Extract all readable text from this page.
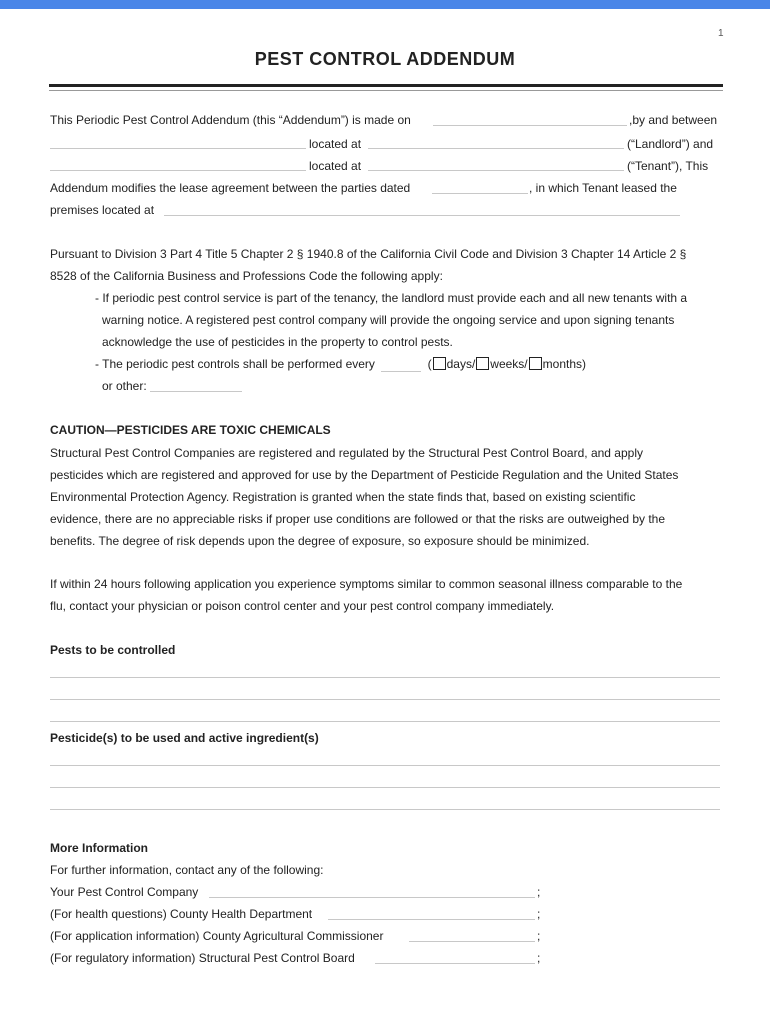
1
PEST CONTROL ADDENDUM
This Periodic Pest Control Addendum (this “Addendum”) is made on	,by and between
located at	(“Landlord”) and
located at	(“Tenant”), This
Addendum modifies the lease agreement between the parties dated	, in which Tenant leased the
premises located at
Pursuant to Division 3 Part 4 Title 5 Chapter 2 § 1940.8 of the California Civil Code and Division 3 Chapter 14 Article 2 §
8528 of the California Business and Professions Code the following apply:
- If periodic pest control service is part of the tenancy, the landlord must provide each and all new tenants with a
warning notice. A registered pest control company will provide the ongoing service and upon signing tenants
acknowledge the use of pesticides in the property to control pests.
- The periodic pest controls shall be performed every	( days/ weeks/ months)
or other:
CAUTION—PESTICIDES ARE TOXIC CHEMICALS
Structural Pest Control Companies are registered and regulated by the Structural Pest Control Board, and apply
pesticides which are registered and approved for use by the Department of Pesticide Regulation and the United States
Environmental Protection Agency. Registration is granted when the state finds that, based on existing scientific
evidence, there are no appreciable risks if proper use conditions are followed or that the risks are outweighed by the
benefits. The degree of risk depends upon the degree of exposure, so exposure should be minimized.
If within 24 hours following application you experience symptoms similar to common seasonal illness comparable to the
flu, contact your physician or poison control center and your pest control company immediately.
Pests to be controlled
Pesticide(s) to be used and active ingredient(s)
More Information
For further information, contact any of the following:
Your Pest Control Company	;
(For health questions) County Health Department	;
(For application information) County Agricultural Commissioner	;
(For regulatory information) Structural Pest Control Board	;
